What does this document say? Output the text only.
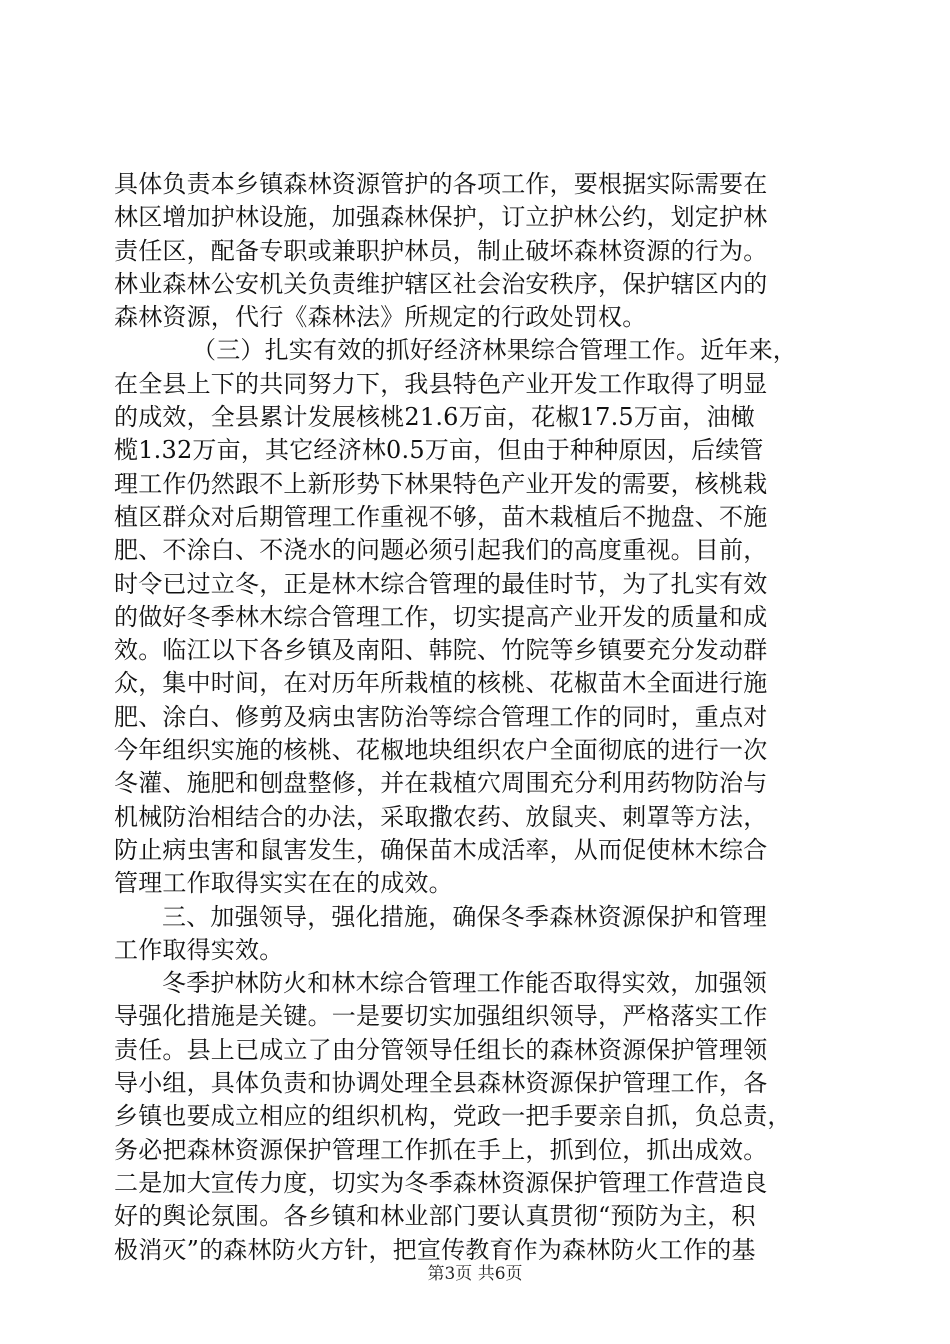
具体负责本乡镇森林资源管护的各项工作，要根据实际需要在
林区增加护林设施，加强森林保护，订立护林公约，划定护林
责任区，配备专职或兼职护林员，制止破坏森林资源的行为。
林业森林公安机关负责维护辖区社会治安秩序，保护辖区内的
森林资源，代行《森林法》所规定的行政处罚权。
（三）扎实有效的抓好经济林果综合管理工作。近年来，
在全县上下的共同努力下，我县特色产业开发工作取得了明显
的成效，全县累计发展核桃21.6万亩，花椒17.5万亩，油橄
榄1.32万亩，其它经济林0.5万亩，但由于种种原因，后续管
理工作仍然跟不上新形势下林果特色产业开发的需要，核桃栽
植区群众对后期管理工作重视不够，苗木栽植后不抛盘、不施
肥、不涂白、不浇水的问题必须引起我们的高度重视。目前，
时令已过立冬，正是林木综合管理的最佳时节，为了扎实有效
的做好冬季林木综合管理工作，切实提高产业开发的质量和成
效。临江以下各乡镇及南阳、韩院、竹院等乡镇要充分发动群
众，集中时间，在对历年所栽植的核桃、花椒苗木全面进行施
肥、涂白、修剪及病虫害防治等综合管理工作的同时，重点对
今年组织实施的核桃、花椒地块组织农户全面彻底的进行一次
冬灌、施肥和刨盘整修，并在栽植穴周围充分利用药物防治与
机械防治相结合的办法，采取撒农药、放鼠夹、刺罩等方法，
防止病虫害和鼠害发生，确保苗木成活率，从而促使林木综合
管理工作取得实实在在的成效。
三、加强领导，强化措施，确保冬季森林资源保护和管理
工作取得实效。
冬季护林防火和林木综合管理工作能否取得实效，加强领
导强化措施是关键。一是要切实加强组织领导，严格落实工作
责任。县上已成立了由分管领导任组长的森林资源保护管理领
导小组，具体负责和协调处理全县森林资源保护管理工作，各
乡镇也要成立相应的组织机构，党政一把手要亲自抓，负总责，
务必把森林资源保护管理工作抓在手上，抓到位，抓出成效。
二是加大宣传力度，切实为冬季森林资源保护管理工作营造良
好的舆论氛围。各乡镇和林业部门要认真贯彻“预防为主，积
极消灭”的森林防火方针，把宣传教育作为森林防火工作的基
第3页 共6页
